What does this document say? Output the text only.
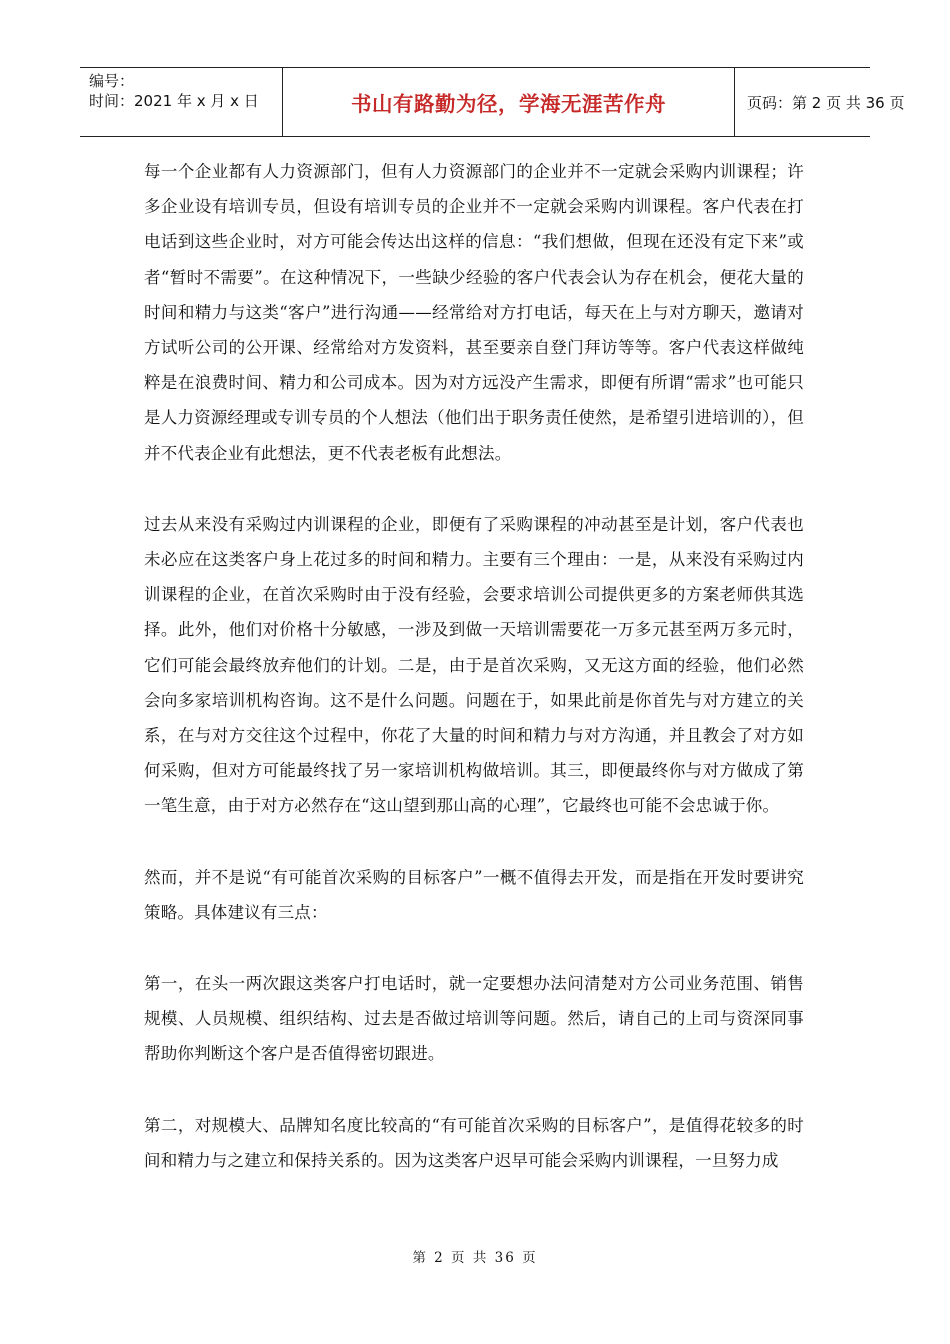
编号：
时间：2021 年 x 月 x 日	书山有路勤为径，学海无涯苦作舟	页码：第 2 页 共 36 页

每一个企业都有人力资源部门，但有人力资源部门的企业并不一定就会采购内训课程；许多企业设有培训专员，但设有培训专员的企业并不一定就会采购内训课程。客户代表在打电话到这些企业时，对方可能会传达出这样的信息：“我们想做，但现在还没有定下来”或者“暂时不需要”。在这种情况下，一些缺少经验的客户代表会认为存在机会，便花大量的时间和精力与这类“客户”进行沟通——经常给对方打电话，每天在上与对方聊天，邀请对方试听公司的公开课、经常给对方发资料，甚至要亲自登门拜访等等。客户代表这样做纯粹是在浪费时间、精力和公司成本。因为对方远没产生需求，即便有所谓“需求”也可能只是人力资源经理或专训专员的个人想法（他们出于职务责任使然，是希望引进培训的），但并不代表企业有此想法，更不代表老板有此想法。

过去从来没有采购过内训课程的企业，即便有了采购课程的冲动甚至是计划，客户代表也未必应在这类客户身上花过多的时间和精力。主要有三个理由：一是，从来没有采购过内训课程的企业，在首次采购时由于没有经验，会要求培训公司提供更多的方案老师供其选择。此外，他们对价格十分敏感，一涉及到做一天培训需要花一万多元甚至两万多元时，它们可能会最终放弃他们的计划。二是，由于是首次采购，又无这方面的经验，他们必然会向多家培训机构咨询。这不是什么问题。问题在于，如果此前是你首先与对方建立的关系，在与对方交往这个过程中，你花了大量的时间和精力与对方沟通，并且教会了对方如何采购，但对方可能最终找了另一家培训机构做培训。其三，即便最终你与对方做成了第一笔生意，由于对方必然存在“这山望到那山高的心理”，它最终也可能不会忠诚于你。

然而，并不是说“有可能首次采购的目标客户”一概不值得去开发，而是指在开发时要讲究策略。具体建议有三点：

第一，在头一两次跟这类客户打电话时，就一定要想办法问清楚对方公司业务范围、销售规模、人员规模、组织结构、过去是否做过培训等问题。然后，请自己的上司与资深同事帮助你判断这个客户是否值得密切跟进。

第二，对规模大、品牌知名度比较高的“有可能首次采购的目标客户”，是值得花较多的时间和精力与之建立和保持关系的。因为这类客户迟早可能会采购内训课程，一旦努力成

第 2 页 共 36 页
